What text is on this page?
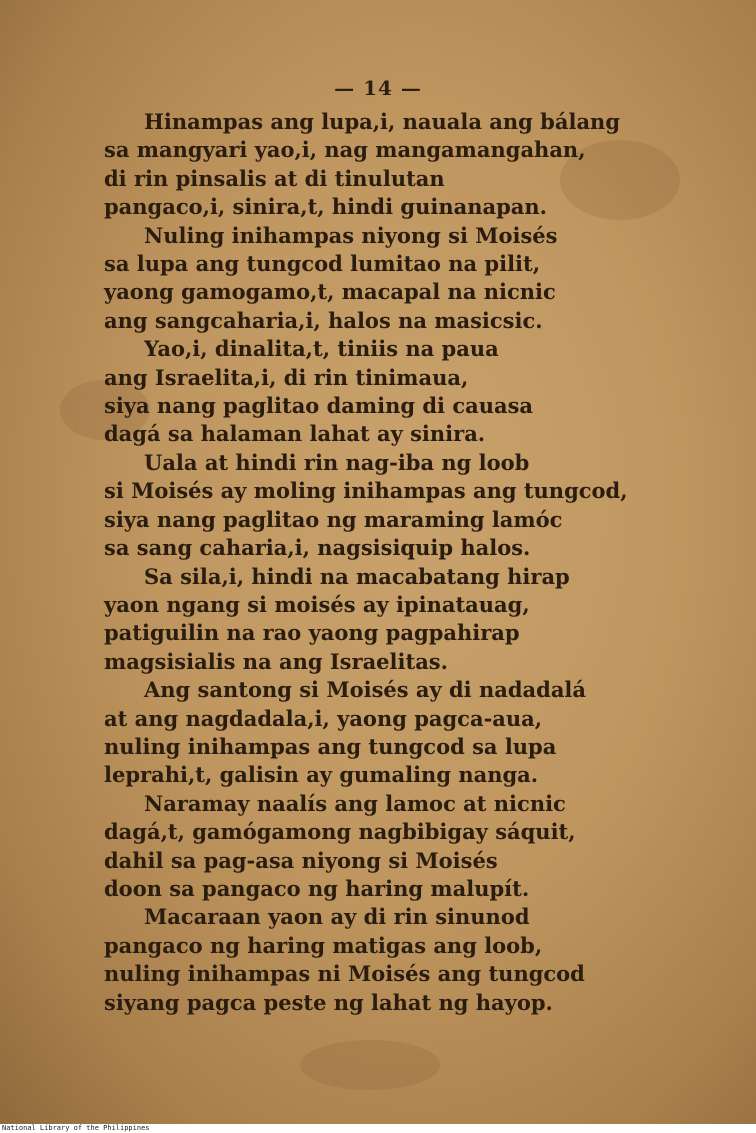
— 14 —

Hinampas ang lupa,i, nauala ang bálang
sa mangyari yao,i, nag mangamangahan,
di rin pinsalis at di tinulutan
pangaco,i, sinira,t, hindi guinanapan.

Nuling inihampas niyong si Moisés
sa lupa ang tungcod lumitao na pilit,
yaong gamogamo,t, macapal na nicnic
ang sangcaharia,i, halos na masicsic.

Yao,i, dinalita,t, tiniis na paua
ang Israelita,i, di rin tinimaua,
siya nang paglitao daming di cauasa
dagá sa halaman lahat ay sinira.

Uala at hindi rin nag-iba ng loob
si Moisés ay moling inihampas ang tungcod,
siya nang paglitao ng maraming lamóc
sa sang caharia,i, nagsisiquip halos.

Sa sila,i, hindi na macabatang hirap
yaon ngang si moisés ay ipinatauag,
patiguilin na rao yaong pagpahirap
magsisialis na ang Israelitas.

Ang santong si Moisés ay di nadadalá
at ang nagdadala,i, yaong pagca-aua,
nuling inihampas ang tungcod sa lupa
leprahi,t, galisin ay gumaling nanga.

Naramay naalís ang lamoc at nicnic
dagá,t, gamógamong nagbibigay sáquit,
dahil sa pag-asa niyong si Moisés
doon sa pangaco ng haring malupít.

Macaraan yaon ay di rin sinunod
pangaco ng haring matigas ang loob,
nuling inihampas ni Moisés ang tungcod
siyang pagca peste ng lahat ng hayop.

National Library of the Philippines
